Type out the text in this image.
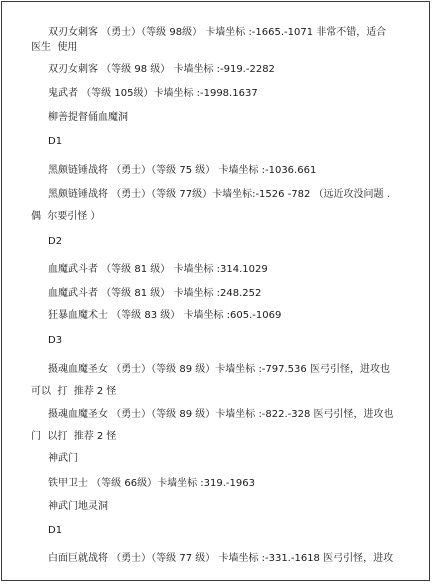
双刃女刺客 （勇士）（等级 98级） 卡墙坐标 :-1665.-1071 非常不错，适合
医生  使用
双刃女刺客 （等级 98 级） 卡墙坐标 :-919.-2282
鬼武者 （等级 105级）卡墙坐标 :-1998.1637
柳善提督俑血魔洞
D1
黑颇链锤战将 （勇士）（等级 75 级） 卡墙坐标 :-1036.661
黑颇链锤战将 （勇士）（等级 77级）卡墙坐标:-1526 -782 （远近攻没问题 .
偶  尔要引怪 ）
D2
血魔武斗者 （等级 81 级） 卡墙坐标 :314.1029
血魔武斗者 （等级 81 级） 卡墙坐标 :248.252
狂暴血魔术士 （等级 83 级） 卡墙坐标 :605.-1069
D3
摄魂血魔圣女 （勇士）（等级 89 级）卡墙坐标 :-797.536 医弓引怪，进攻也
可以  打  推荐 2 怪
摄魂血魔圣女 （勇士）（等级 89 级）卡墙坐标 :-822.-328 医弓引怪，进攻也
门  以打  推荐 2 怪
神武门
铁甲卫士 （等级 66级）卡墙坐标 :319.-1963
神武门地灵洞
D1
白面巨就战将 （勇士）（等级 77 级） 卡墙坐标 :-331.-1618 医弓引怪，进攻
